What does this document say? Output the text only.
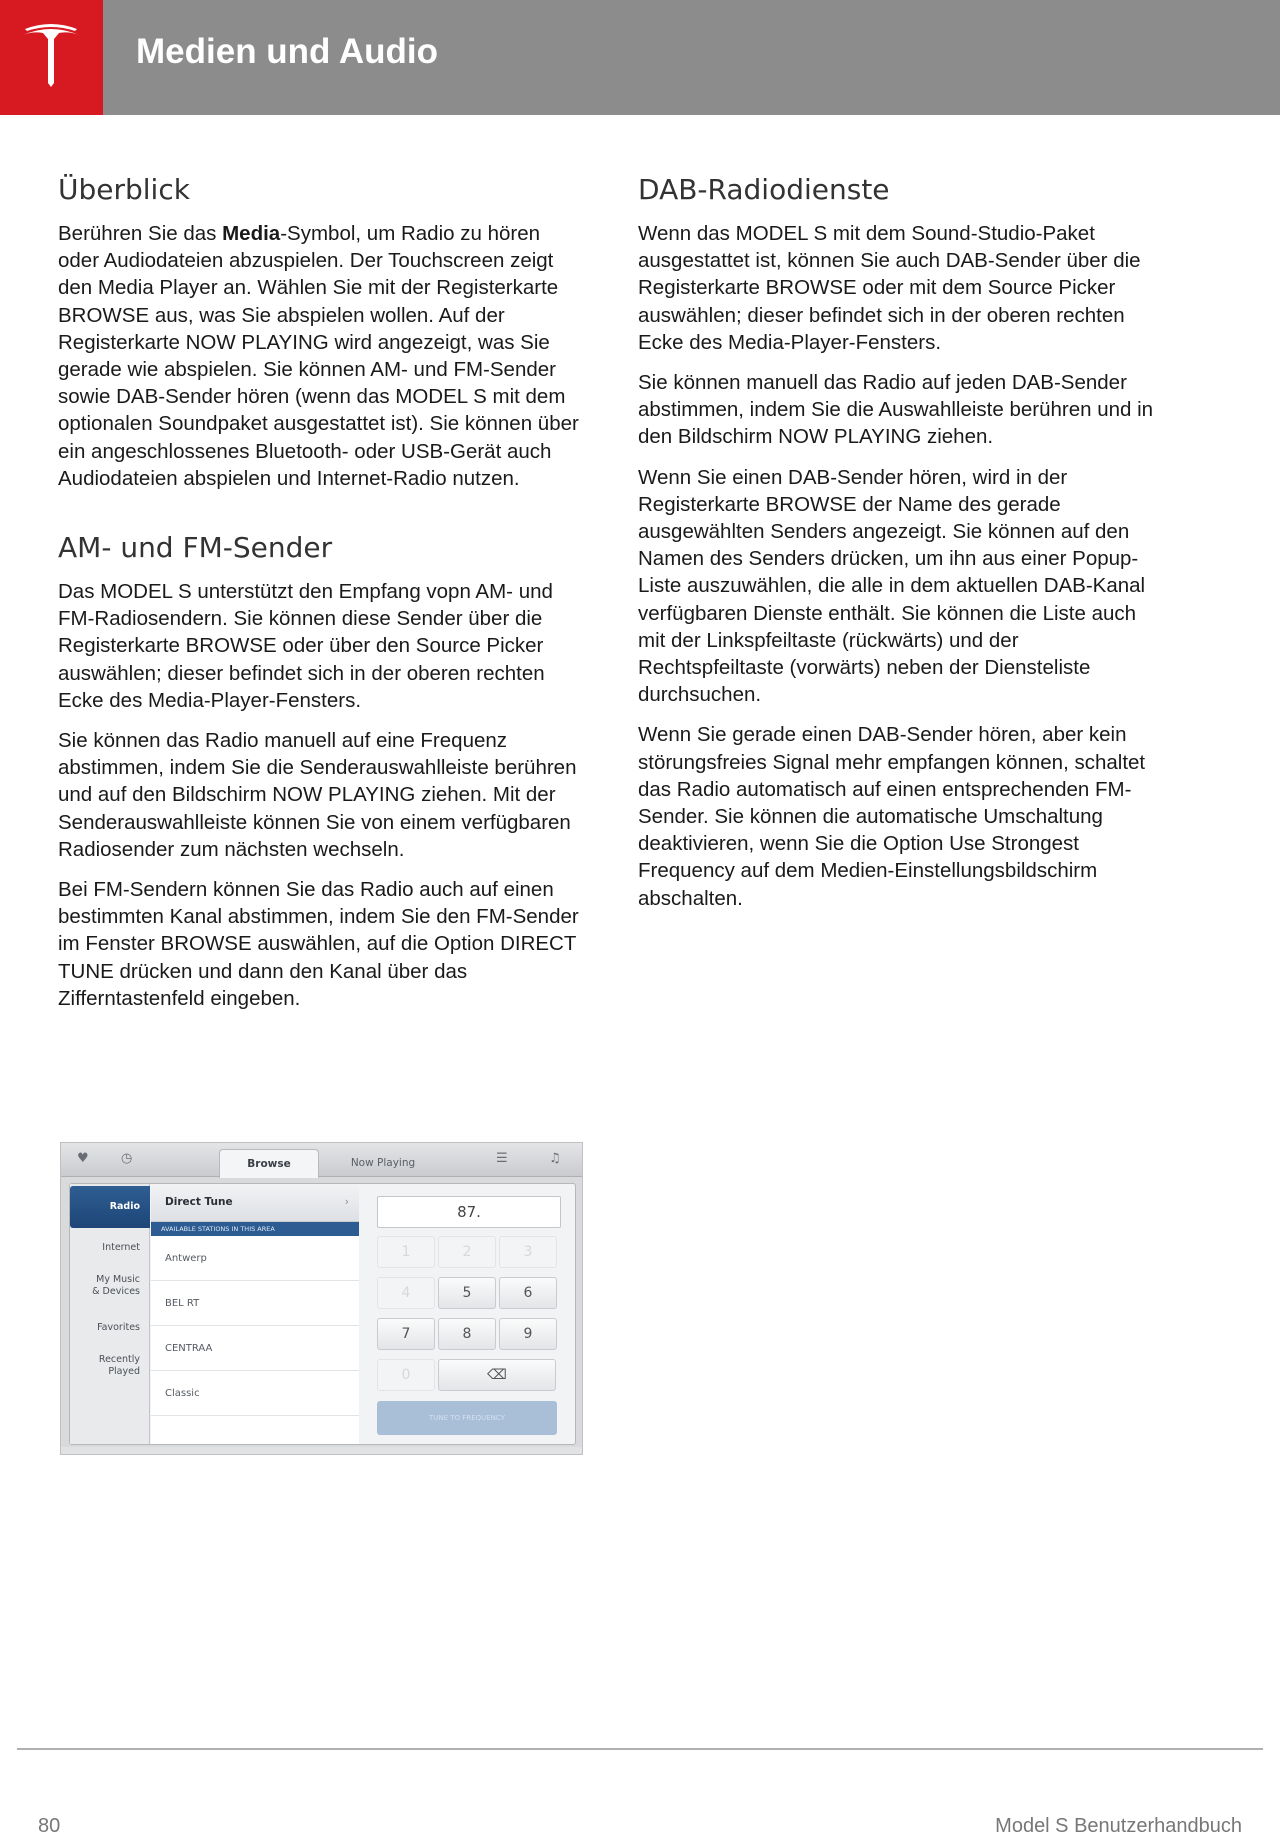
Medien und Audio
Überblick

Berühren Sie das Media-Symbol, um Radio zu hören oder Audiodateien abzuspielen. Der Touchscreen zeigt den Media Player an. Wählen Sie mit der Registerkarte BROWSE aus, was Sie abspielen wollen. Auf der Registerkarte NOW PLAYING wird angezeigt, was Sie gerade wie abspielen. Sie können AM- und FM-Sender sowie DAB-Sender hören (wenn das MODEL S mit dem optionalen Soundpaket ausgestattet ist). Sie können über ein angeschlossenes Bluetooth- oder USB-Gerät auch Audiodateien abspielen und Internet-Radio nutzen.

AM- und FM-Sender

Das MODEL S unterstützt den Empfang vopn AM- und FM-Radiosendern. Sie können diese Sender über die Registerkarte BROWSE oder über den Source Picker auswählen; dieser befindet sich in der oberen rechten Ecke des Media-Player-Fensters.

Sie können das Radio manuell auf eine Frequenz abstimmen, indem Sie die Senderauswahlleiste berühren und auf den Bildschirm NOW PLAYING ziehen. Mit der Senderauswahlleiste können Sie von einem verfügbaren Radiosender zum nächsten wechseln.

Bei FM-Sendern können Sie das Radio auch auf einen bestimmten Kanal abstimmen, indem Sie den FM-Sender im Fenster BROWSE auswählen, auf die Option DIRECT TUNE drücken und dann den Kanal über das Zifferntastenfeld eingeben.

DAB-Radiodienste

Wenn das MODEL S mit dem Sound-Studio-Paket ausgestattet ist, können Sie auch DAB-Sender über die Registerkarte BROWSE oder mit dem Source Picker auswählen; dieser befindet sich in der oberen rechten Ecke des Media-Player-Fensters.

Sie können manuell das Radio auf jeden DAB-Sender abstimmen, indem Sie die Auswahlleiste berühren und in den Bildschirm NOW PLAYING ziehen.

Wenn Sie einen DAB-Sender hören, wird in der Registerkarte BROWSE der Name des gerade ausgewählten Senders angezeigt. Sie können auf den Namen des Senders drücken, um ihn aus einer Popup-Liste auszuwählen, die alle in dem aktuellen DAB-Kanal verfügbaren Dienste enthält. Sie können die Liste auch mit der Linkspfeiltaste (rückwärts) und der Rechtspfeiltaste (vorwärts) neben der Diensteliste durchsuchen.

Wenn Sie gerade einen DAB-Sender hören, aber kein störungsfreies Signal mehr empfangen können, schaltet das Radio automatisch auf einen entsprechenden FM-Sender. Sie können die automatische Umschaltung deaktivieren, wenn Sie die Option Use Strongest Frequency auf dem Medien-Einstellungsbildschirm abschalten.

♥ ◷	Browse	Now Playing	☰	♫
Radio
Internet
My Music
& Devices
Favorites
Recently
Played
Direct Tune	›
AVAILABLE STATIONS IN THIS AREA
Antwerp
BEL RT
CENTRAA
Classic
87.
1	2	3
4	5	6
7	8	9
0	⌫
TUNE TO FREQUENCY
80	Model S Benutzerhandbuch
